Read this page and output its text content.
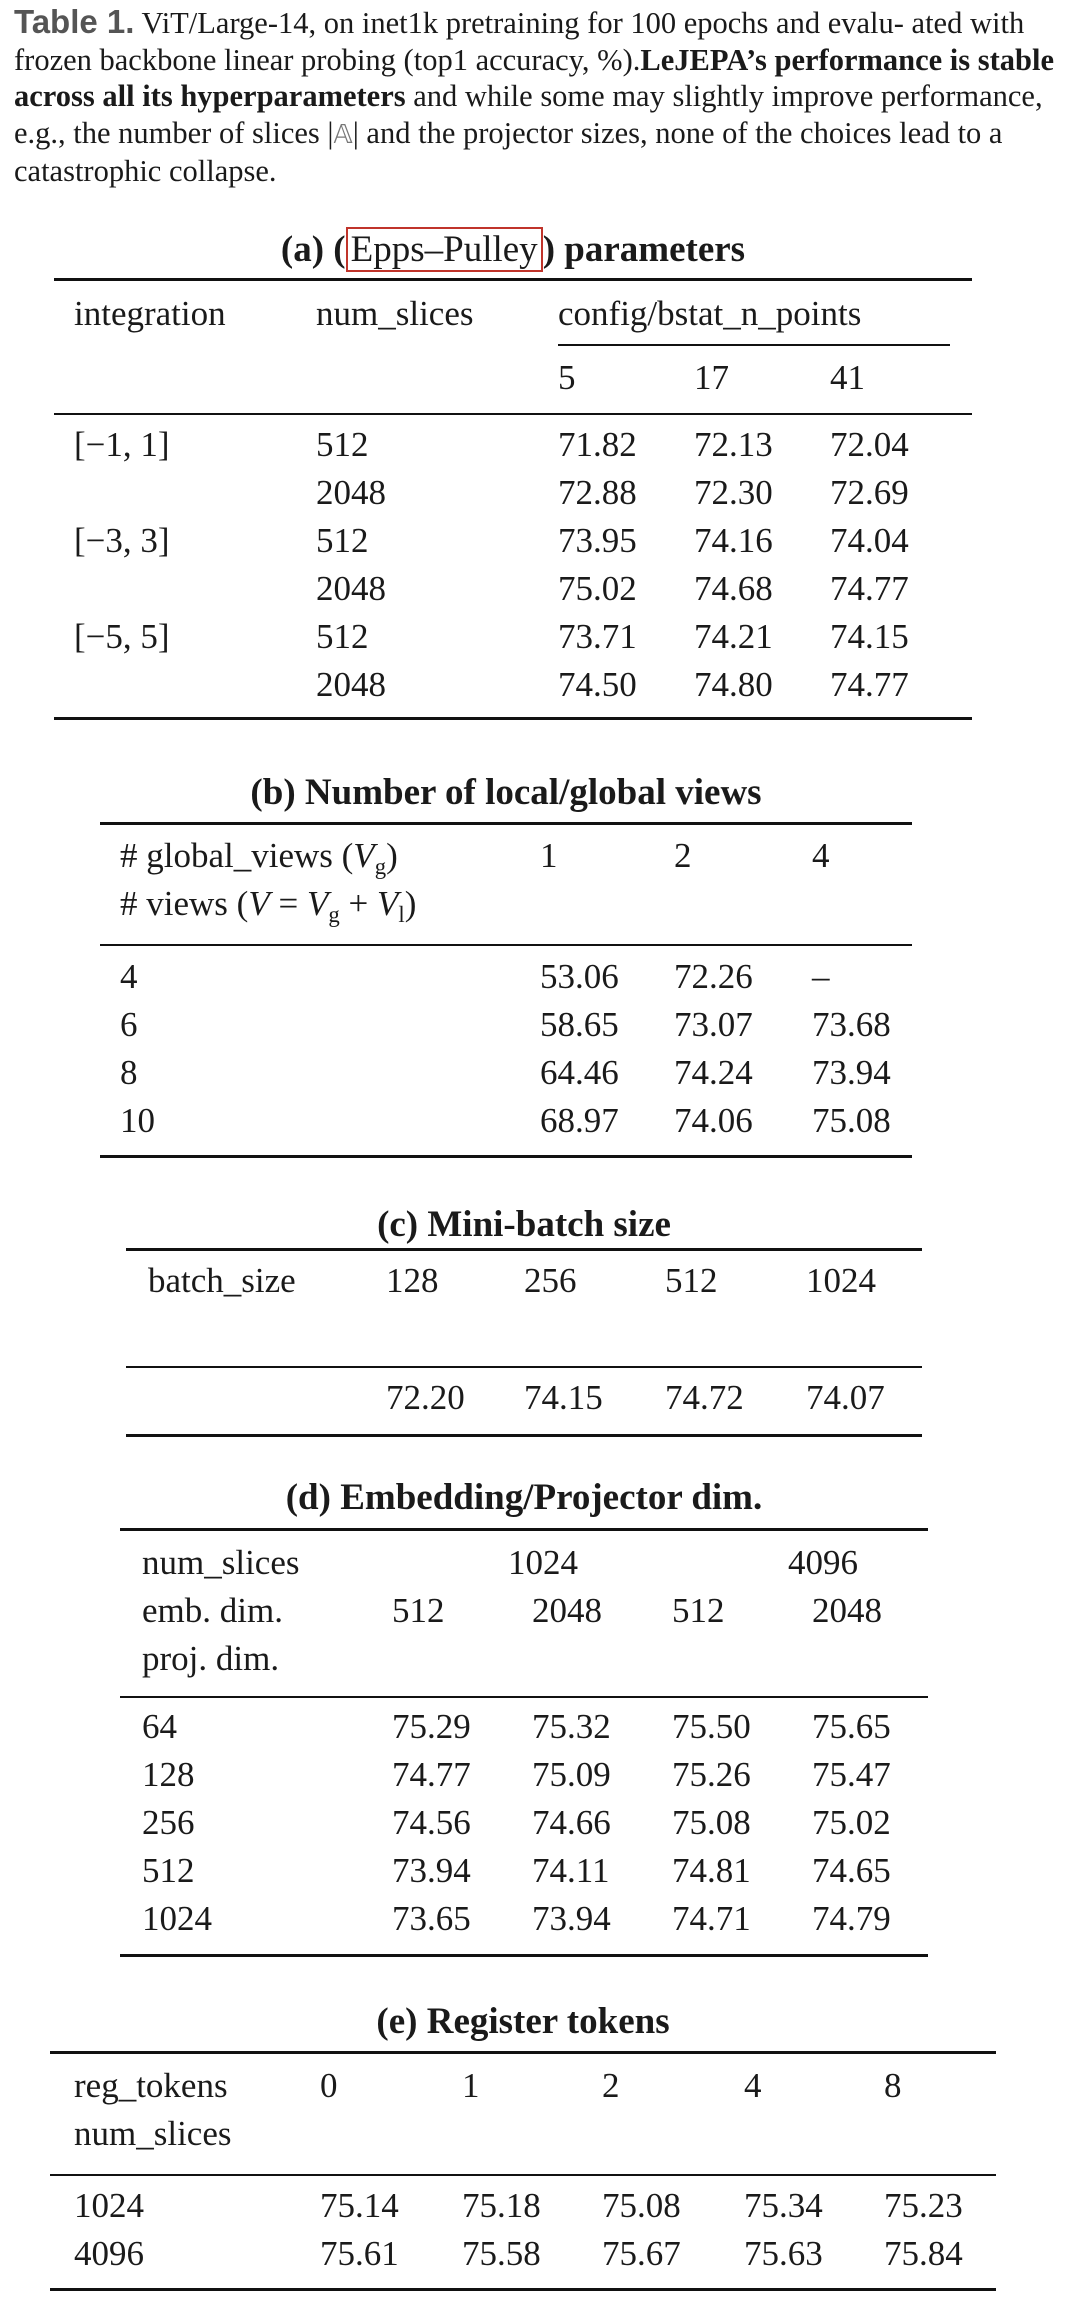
Table 1. ViT/Large-14, on inet1k pretraining for 100 epochs and evalu- ated with frozen backbone linear probing (top1 accuracy, %).LeJEPA’s performance is stable across all its hyperparameters and while some may slightly improve performance, e.g., the number of slices |𝔸| and the projector sizes, none of the choices lead to a catastrophic collapse.
(a) ( Epps–Pulley ) parameters
integration	num_slices config/bstat_n_points
5	17	41
[−1, 1]	512	71.82 72.13 72.04
2048	72.88 72.30 72.69
[−3, 3]	512	73.95 74.16 74.04
2048	75.02 74.68 74.77
[−5, 5]	512	73.71 74.21 74.15
2048	74.50 74.80 74.77
(b) Number of local/global views
# global_views $(V_g)$
# views $(V = V_g + V_l)$
1	2	4
4	53.06 72.26 –
6	58.65 73.07 73.68
8	64.46 74.24 73.94
10	68.97 74.06 75.08
(c) Mini-batch size
batch_size	128 256	512	1024
72.20 74.15 74.72 74.07
(d) Embedding/Projector dim.
num_slices	1024	4096
emb. dim.	512	2048 512	2048
proj. dim.
64	75.29 75.32 75.50 75.65
128	74.77 75.09 75.26 75.47
256	74.56 74.66 75.08 75.02
512	73.94 74.11 74.81 74.65
1024	73.65 73.94 74.71 74.79
(e) Register tokens
reg_tokens
num_slices
0	1	2	4	8
1024	75.14 75.18 75.08 75.34 75.23
4096	75.61 75.58 75.67 75.63 75.84
